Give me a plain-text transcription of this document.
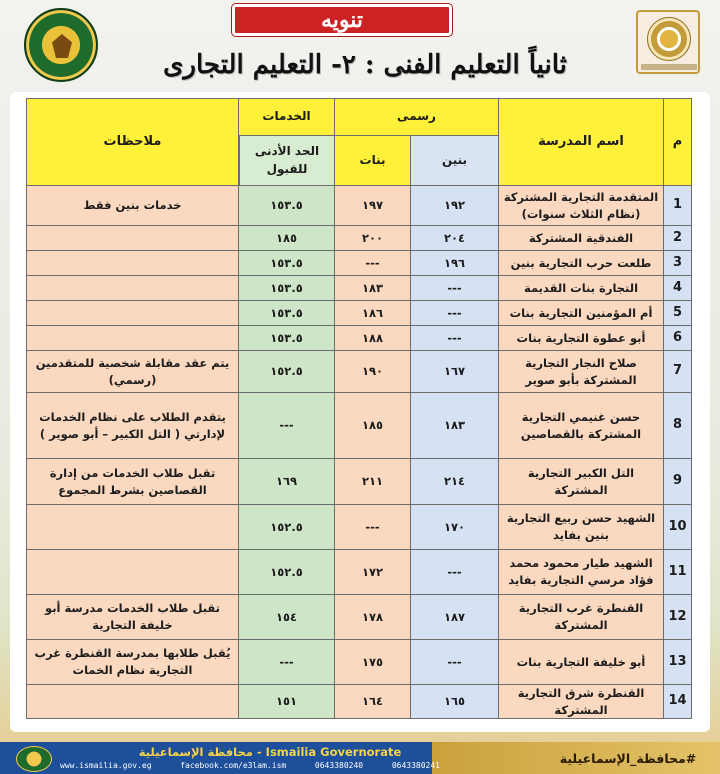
تنويه
ثانياً التعليم الفنى : ٢- التعليم التجارى
م	اسم المدرسة	رسمى		الخدمات	ملاحظات
		بنين	بنات	الحد الأدنى للقبول	
1	المتقدمة التجارية المشتركة (نظام الثلاث سنوات)	١٩٢	١٩٧	١٥٣.٥	خدمات بنين فقط
2	الفندقية المشتركة	٢٠٤	٢٠٠	١٨٥	
3	طلعت حرب التجارية بنين	١٩٦	---	١٥٣.٥	
4	التجارة بنات القديمة	---	١٨٣	١٥٣.٥	
5	أم المؤمنين التجارية بنات	---	١٨٦	١٥٣.٥	
6	أبو عطوة التجارية بنات	---	١٨٨	١٥٣.٥	
7	صلاح النجار التجارية المشتركة بأبو صوير	١٦٧	١٩٠	١٥٢.٥	يتم عقد مقابلة شخصية للمتقدمين (رسمي)
8	حسن غنيمي التجارية المشتركة بالقصاصين	١٨٣	١٨٥	---	يتقدم الطلاب على نظام الخدمات لإدارتي ( التل الكبير – أبو صوير )
9	التل الكبير التجارية المشتركة	٢١٤	٢١١	١٦٩	تقبل طلاب الخدمات من إدارة القصاصين بشرط المجموع
10	الشهيد حسن ربيع التجارية بنين بفايد	١٧٠	---	١٥٢.٥	
11	الشهيد طيار محمود محمد فؤاد مرسي التجارية بفايد	---	١٧٢	١٥٢.٥	
12	القنطرة غرب التجارية المشتركة	١٨٧	١٧٨	١٥٤	تقبل طلاب الخدمات مدرسة أبو خليفة التجارية
13	أبو خليفة التجارية بنات	---	١٧٥	---	يُقبل طلابها بمدرسة القنطرة غرب التجارية نظام الخمات
14	القنطرة شرق التجارية المشتركة	١٦٥	١٦٤	١٥١	
محافظة الإسماعيلية - Ismailia Governorate
www.ismailia.gov.eg	facebook.com/e3lam.ism	0643380240	0643380241	#محافظة_الإسماعيلية
